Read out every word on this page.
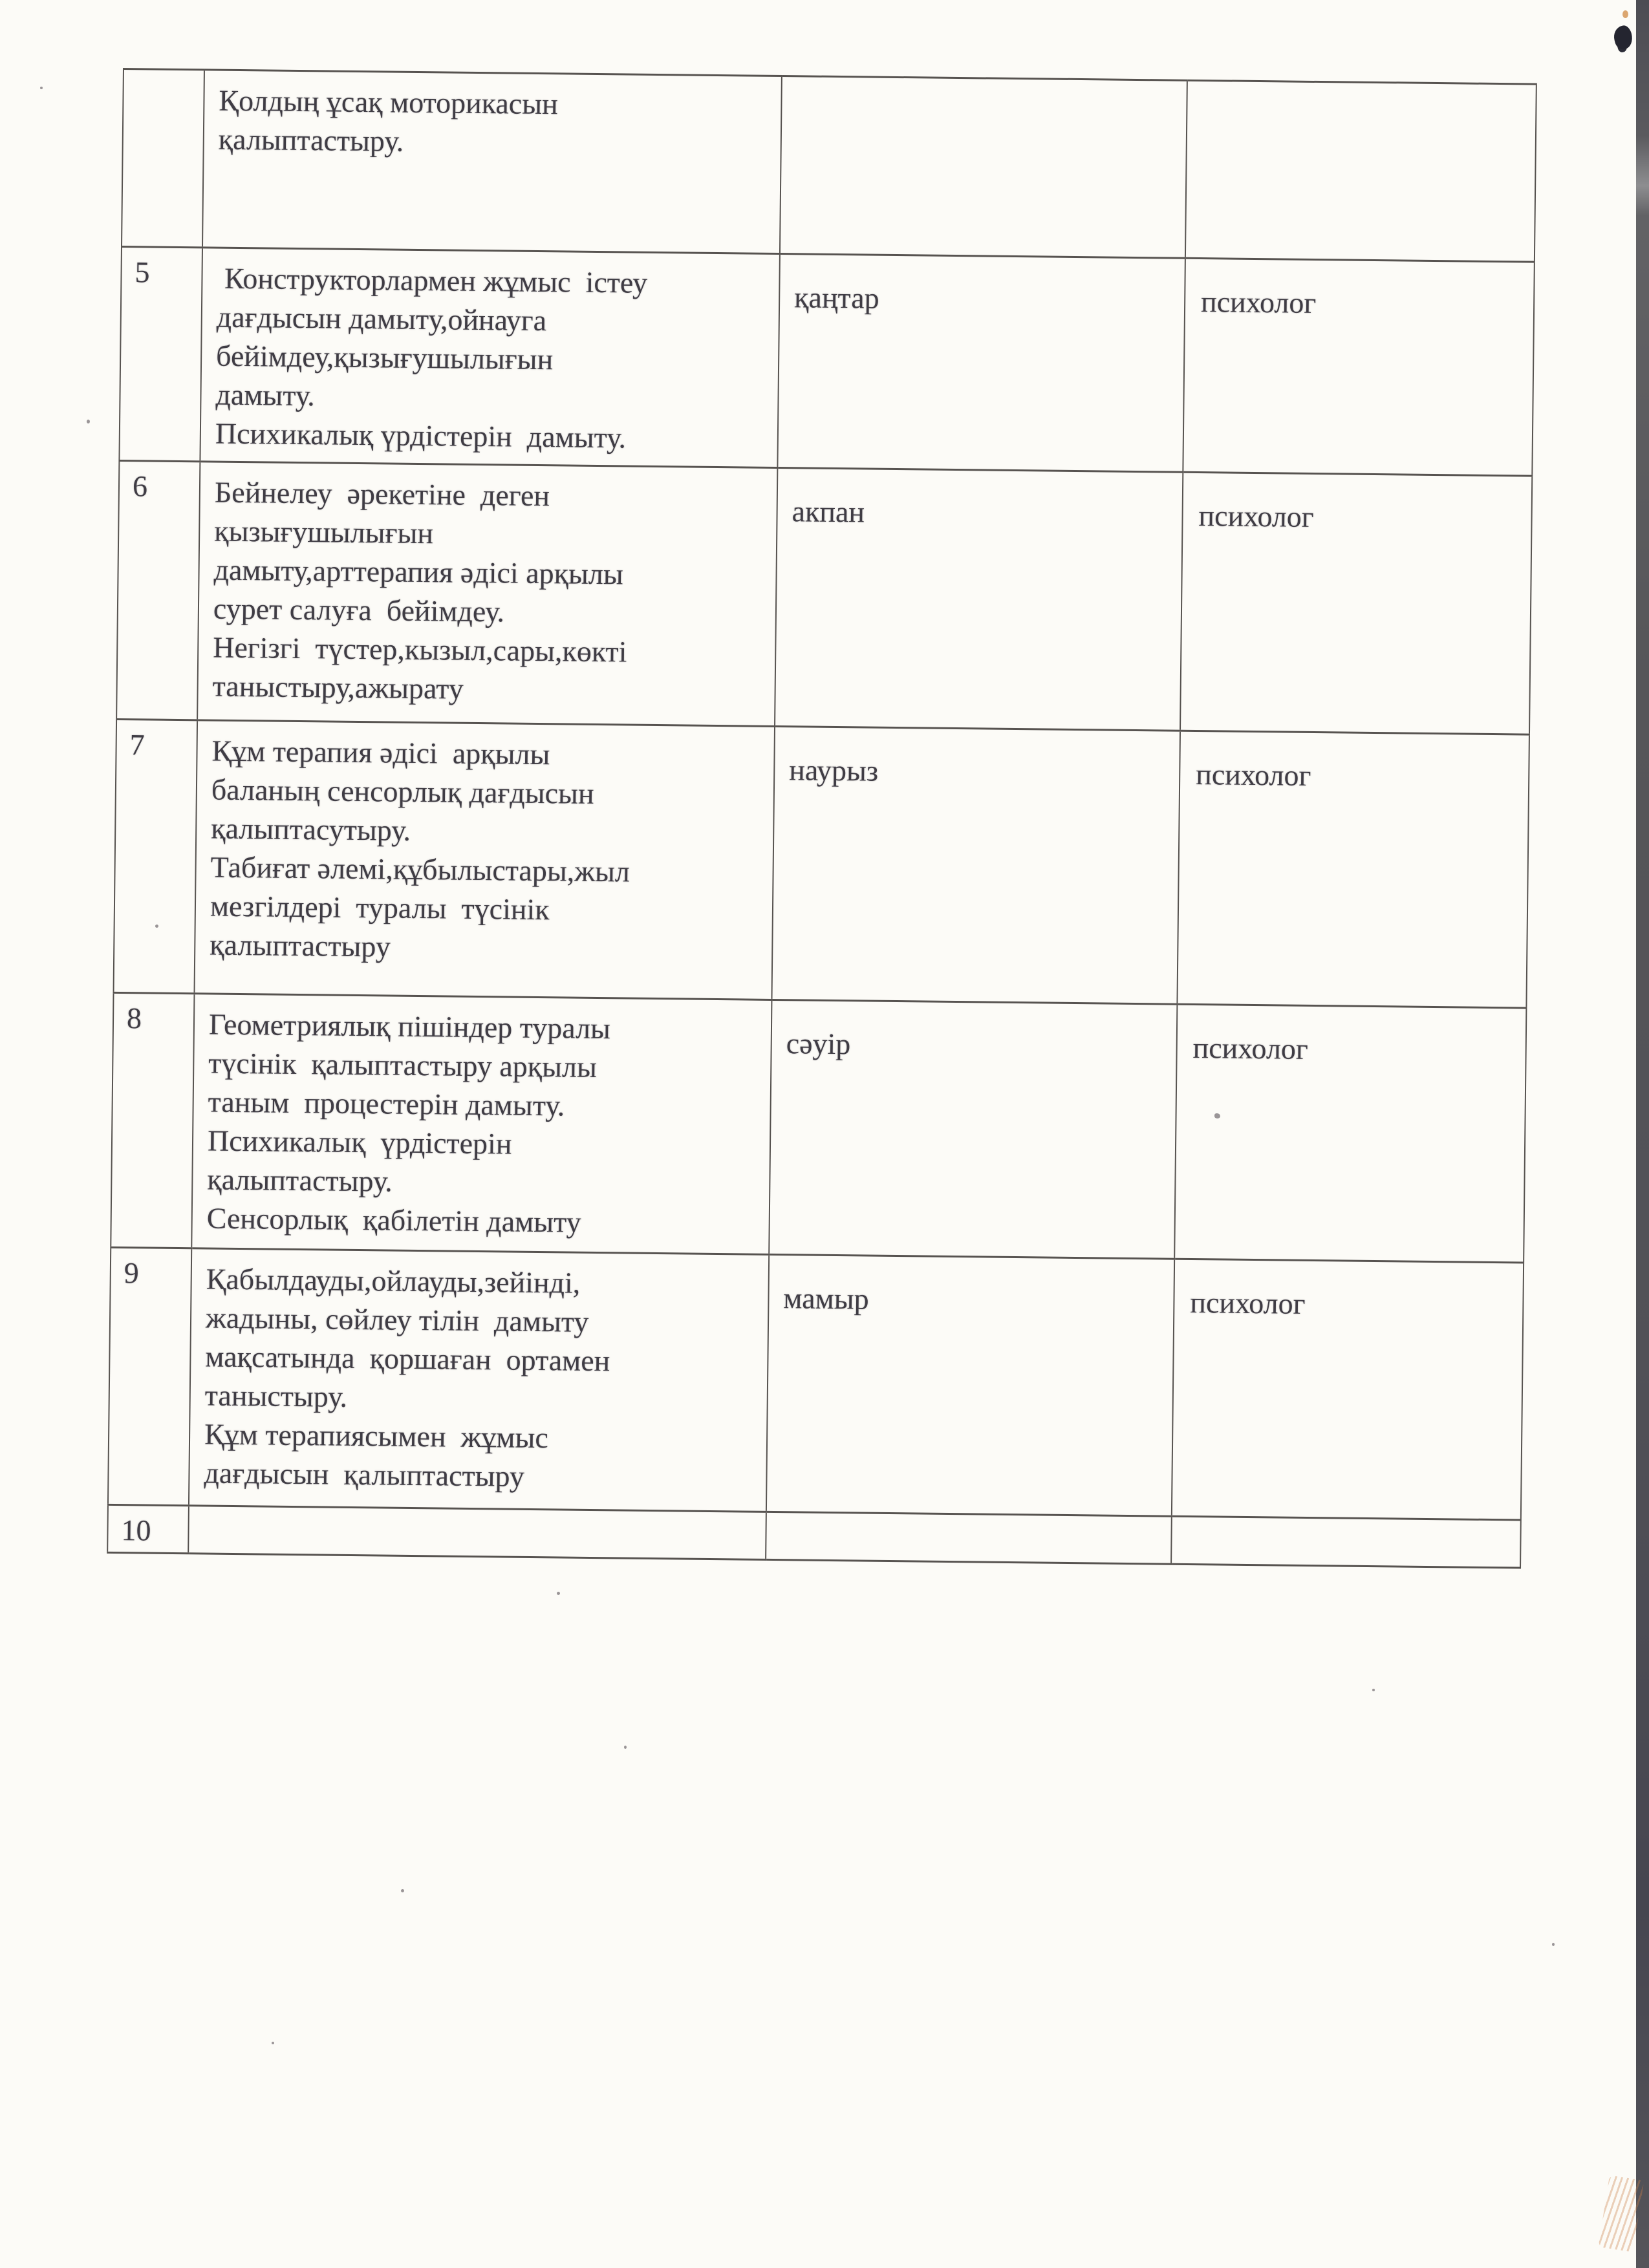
	Қолдың ұсақ моторикасын
қалыптастыру.		
5	Конструкторлармен жұмыс  істеу
дағдысын дамыту,ойнауга
бейімдеу,қызығушылығын
дамыту.
Психикалық үрдістерін  дамыту.	қаңтар	психолог
6	Бейнелеу  әрекетіне  деген
қызығушылығын
дамыту,арттерапия әдісі арқылы
сурет салуға  бейімдеу.
Негізгі  түстер,кызыл,сары,көкті
таныстыру,ажырату	акпан	психолог
7	Құм терапия әдісі  арқылы
баланың сенсорлық дағдысын
қалыптасутыру.
Табиғат әлемі,құбылыстары,жыл
мезгілдері  туралы  түсінік
қалыптастыру	наурыз	психолог
8	Геометриялық пішіндер туралы
түсінік  қалыптастыру арқылы
таным  процестерін дамыту.
Психикалық  үрдістерін
қалыптастыру.
Сенсорлық  қабілетін дамыту	сәуір	психолог
9	Қабылдауды,ойлауды,зейінді,
жадыны, сөйлеу тілін  дамыту
мақсатында  қоршаған  ортамен
таныстыру.
Құм терапиясымен  жұмыс
дағдысын  қалыптастыру	мамыр	психолог
10			
